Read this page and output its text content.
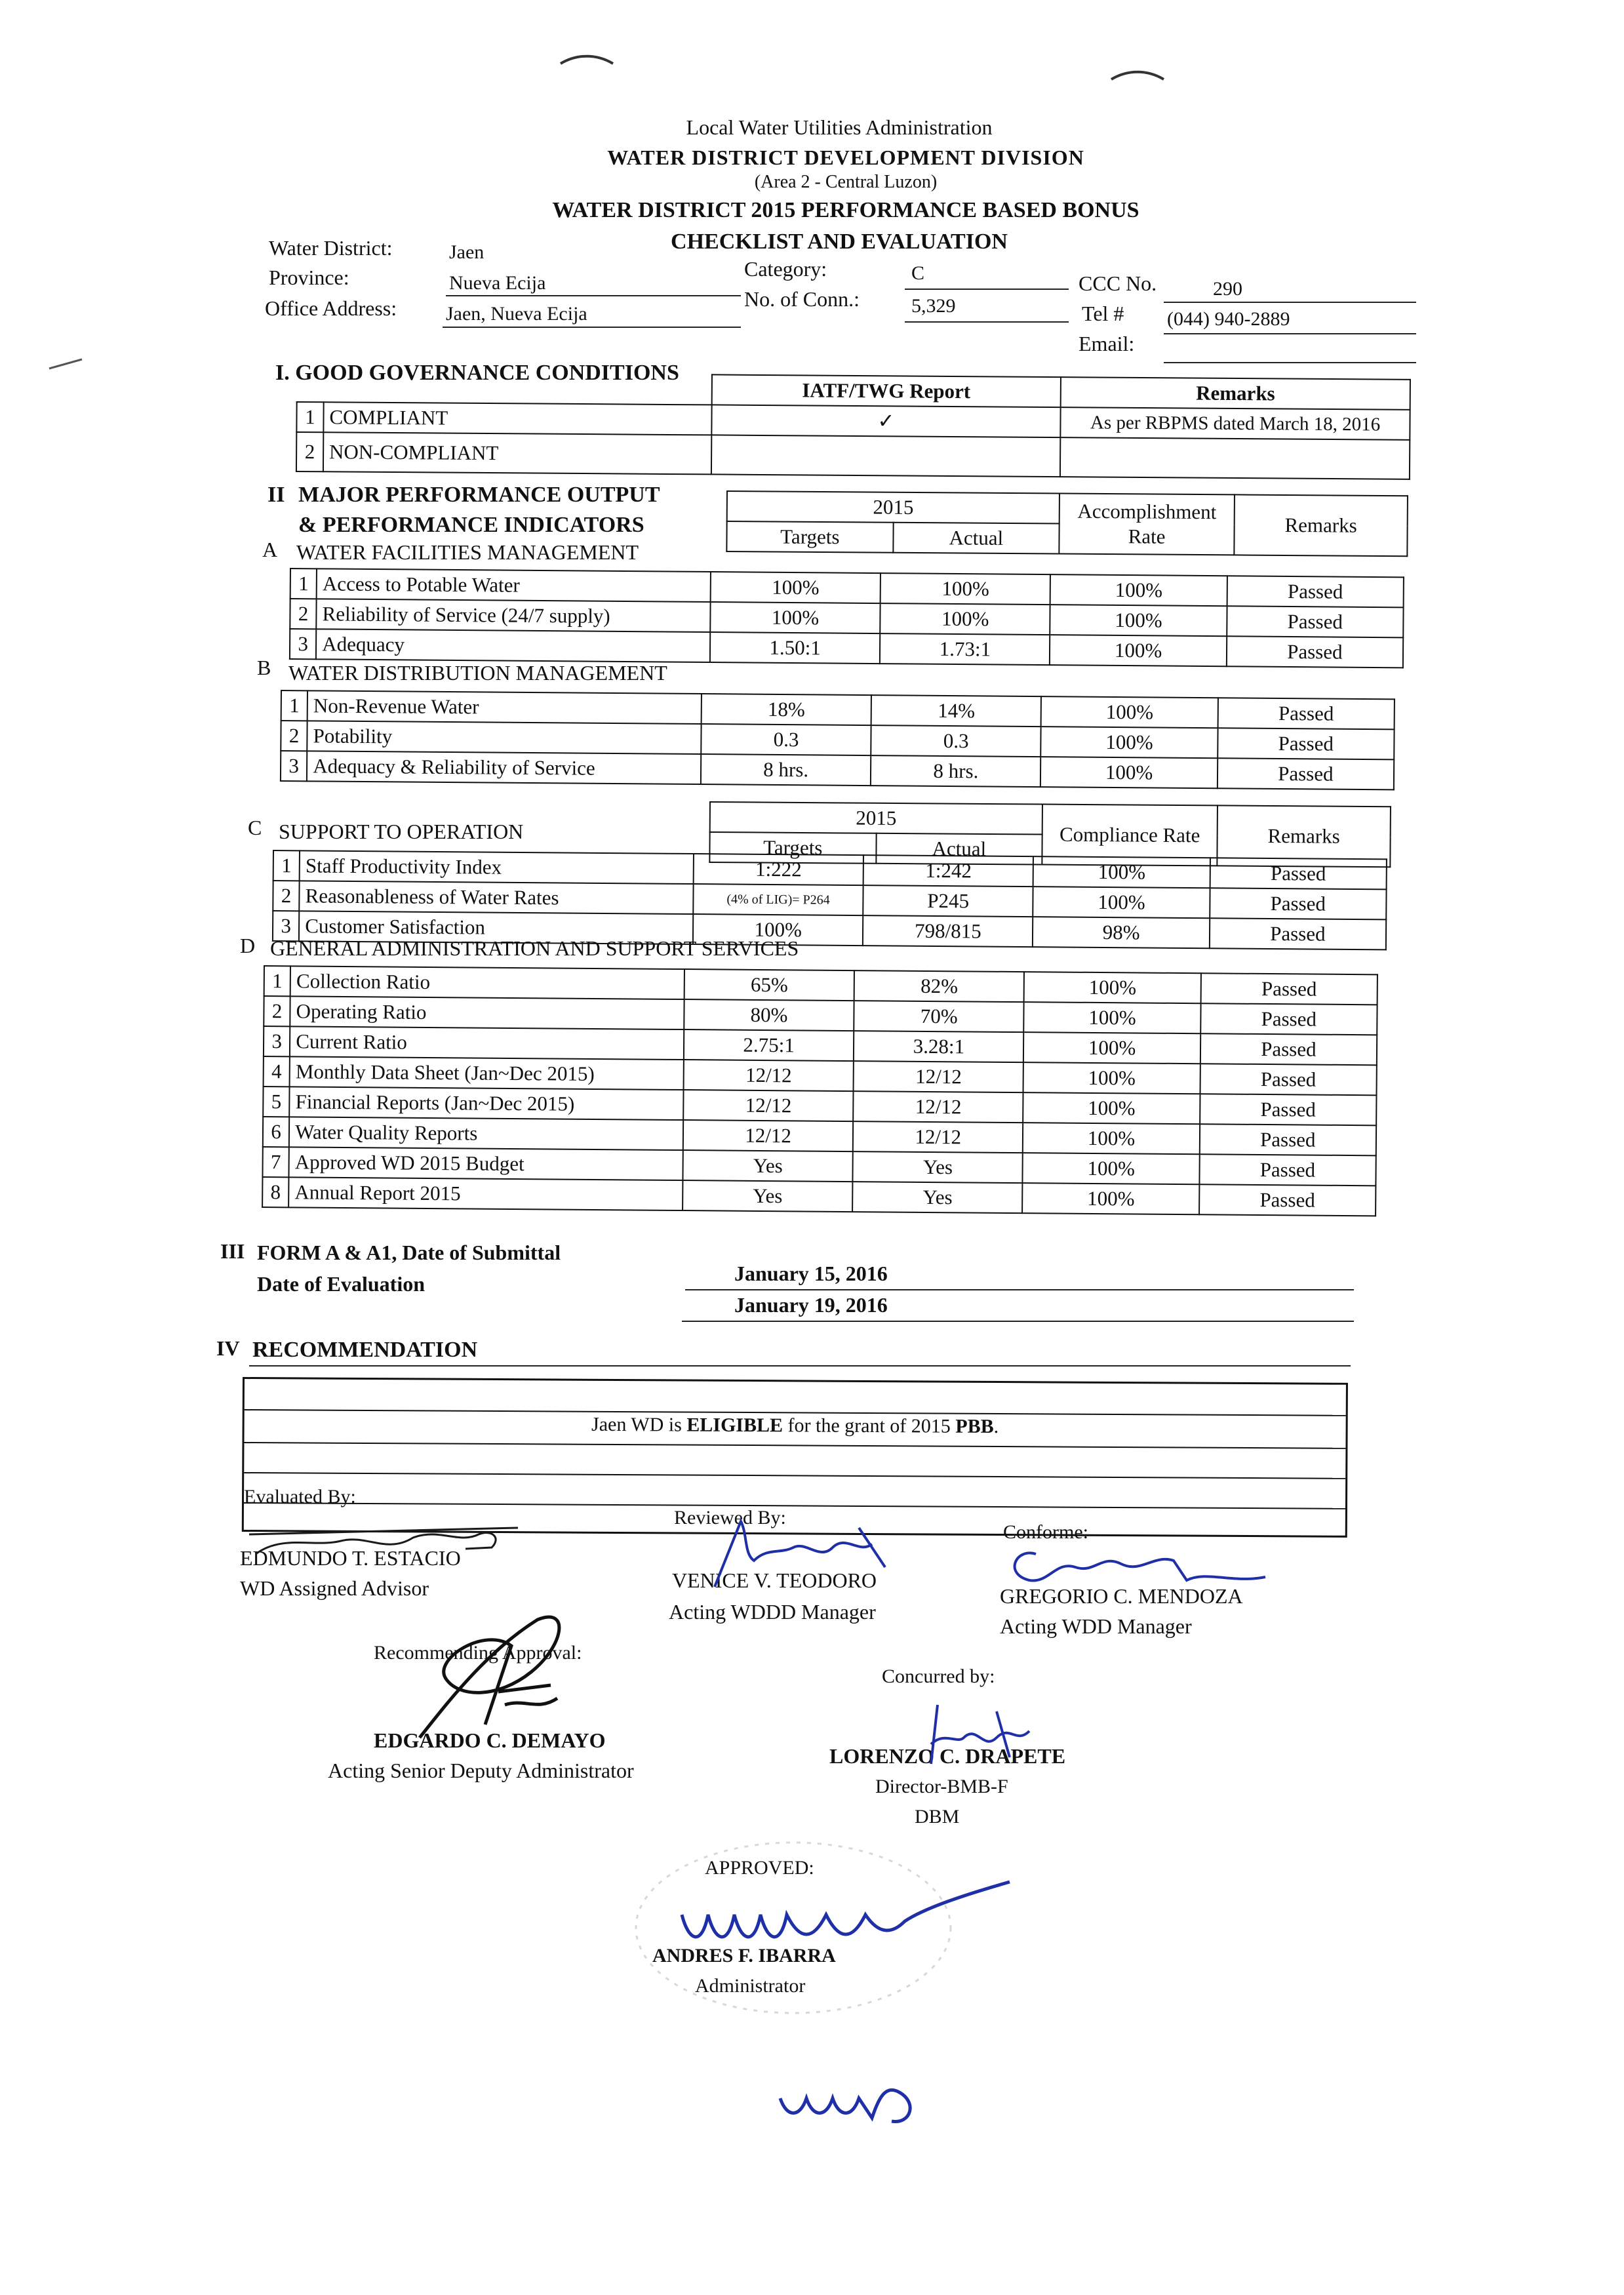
Local Water Utilities Administration
WATER DISTRICT DEVELOPMENT DIVISION
(Area 2 - Central Luzon)
WATER DISTRICT 2015 PERFORMANCE BASED BONUS
CHECKLIST AND EVALUATION
Water District:	Jaen
Province:	Nueva Ecija
Office Address: Jaen, Nueva Ecija
Category:	C
No. of Conn.:	5,329
CCC No.	290
Tel # (044) 940-2889
Email:
I. GOOD GOVERNANCE CONDITIONS
		IATF/TWG Report	Remarks
1	COMPLIANT	✓	As per RBPMS dated March 18, 2016
2	NON-COMPLIANT		
II MAJOR PERFORMANCE OUTPUT
& PERFORMANCE INDICATORS
2015		Accomplishment Rate	Remarks
Targets	Actual		
A WATER FACILITIES MANAGEMENT
1	Access to Potable Water	100%	100%	100%	Passed
2	Reliability of Service (24/7 supply)	100%	100%	100%	Passed
3	Adequacy	1.50:1	1.73:1	100%	Passed
B WATER DISTRIBUTION MANAGEMENT
1	Non-Revenue Water	18%	14%	100%	Passed
2	Potability	0.3	0.3	100%	Passed
3	Adequacy & Reliability of Service	8 hrs.	8 hrs.	100%	Passed
2015		Compliance Rate	Remarks
Targets	Actual		
C SUPPORT TO OPERATION
1	Staff Productivity Index	1:222	1:242	100%	Passed
2	Reasonableness of Water Rates	(4% of LIG)= P264	P245	100%	Passed
3	Customer Satisfaction	100%	798/815	98%	Passed
D GENERAL ADMINISTRATION AND SUPPORT SERVICES
1	Collection Ratio	65%	82%	100%	Passed
2	Operating Ratio	80%	70%	100%	Passed
3	Current Ratio	2.75:1	3.28:1	100%	Passed
4	Monthly Data Sheet (Jan~Dec 2015)	12/12	12/12	100%	Passed
5	Financial Reports (Jan~Dec 2015)	12/12	12/12	100%	Passed
6	Water Quality Reports	12/12	12/12	100%	Passed
7	Approved WD 2015 Budget	Yes	Yes	100%	Passed
8	Annual Report 2015	Yes	Yes	100%	Passed
III FORM A & A1, Date of Submittal
Date of Evaluation	January 15, 2016
January 19, 2016
IV RECOMMENDATION
Jaen WD is ELIGIBLE for the grant of 2015 PBB.
Evaluated By:
EDMUNDO T. ESTACIO
WD Assigned Advisor
Reviewed By:
VENICE V. TEODORO
Acting WDDD Manager
Conforme:
GREGORIO C. MENDOZA
Acting WDD Manager
Recommending Approval:
EDGARDO C. DEMAYO
Acting Senior Deputy Administrator
Concurred by:
LORENZO C. DRAPETE
Director-BMB-F
DBM
APPROVED:
ANDRES F. IBARRA
Administrator
